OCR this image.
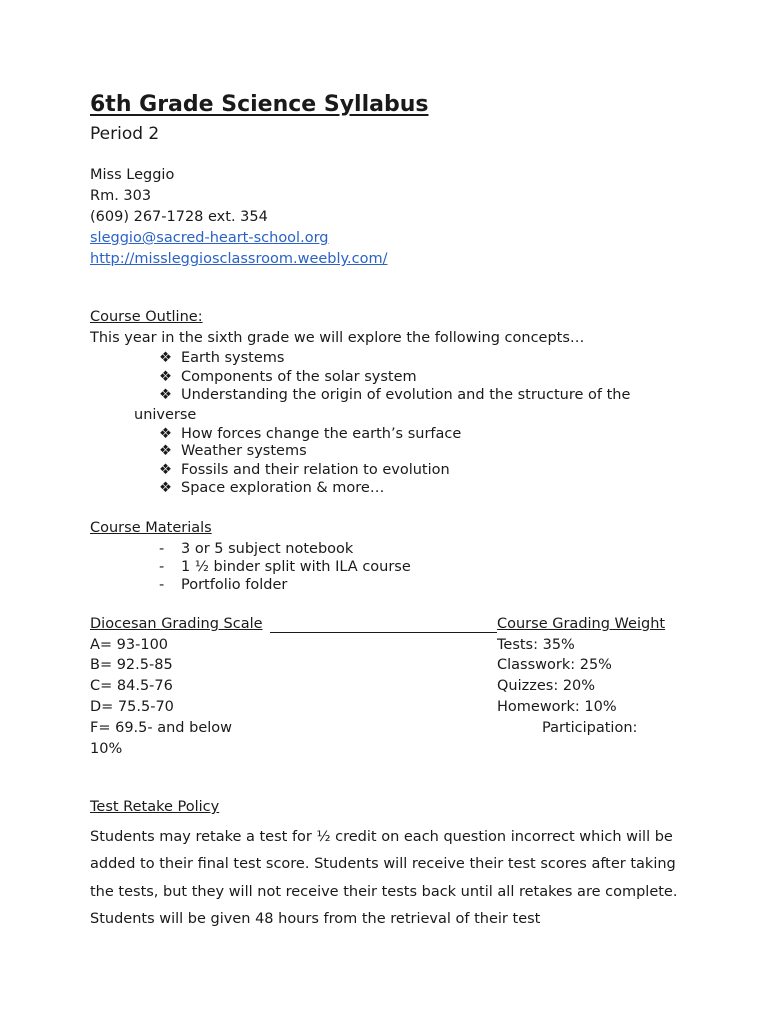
6th Grade Science Syllabus
Period 2
Miss Leggio
Rm. 303
(609) 267-1728 ext. 354
sleggio@sacred-heart-school.org
http://missleggiosclassroom.weebly.com/
Course Outline:
This year in the sixth grade we will explore the following concepts…
❖ Earth systems
❖ Components of the solar system
❖ Understanding the origin of evolution and the structure of the
universe
❖ How forces change the earth’s surface
❖ Weather systems
❖ Fossils and their relation to evolution
❖ Space exploration & more…
Course Materials
- 3 or 5 subject notebook
- 1 ½ binder split with ILA course
- Portfolio folder
Diocesan Grading Scale	Course Grading Weight
A= 93-100
B= 92.5-85
C= 84.5-76
D= 75.5-70
F= 69.5- and below
Tests: 35%
Classwork: 25%
Quizzes: 20%
Homework: 10%
Participation:
10%
Test Retake Policy
Students may retake a test for ½ credit on each question incorrect which will be added to their final test score. Students will receive their test scores after taking the tests, but they will not receive their tests back until all retakes are complete. Students will be given 48 hours from the retrieval of their test
